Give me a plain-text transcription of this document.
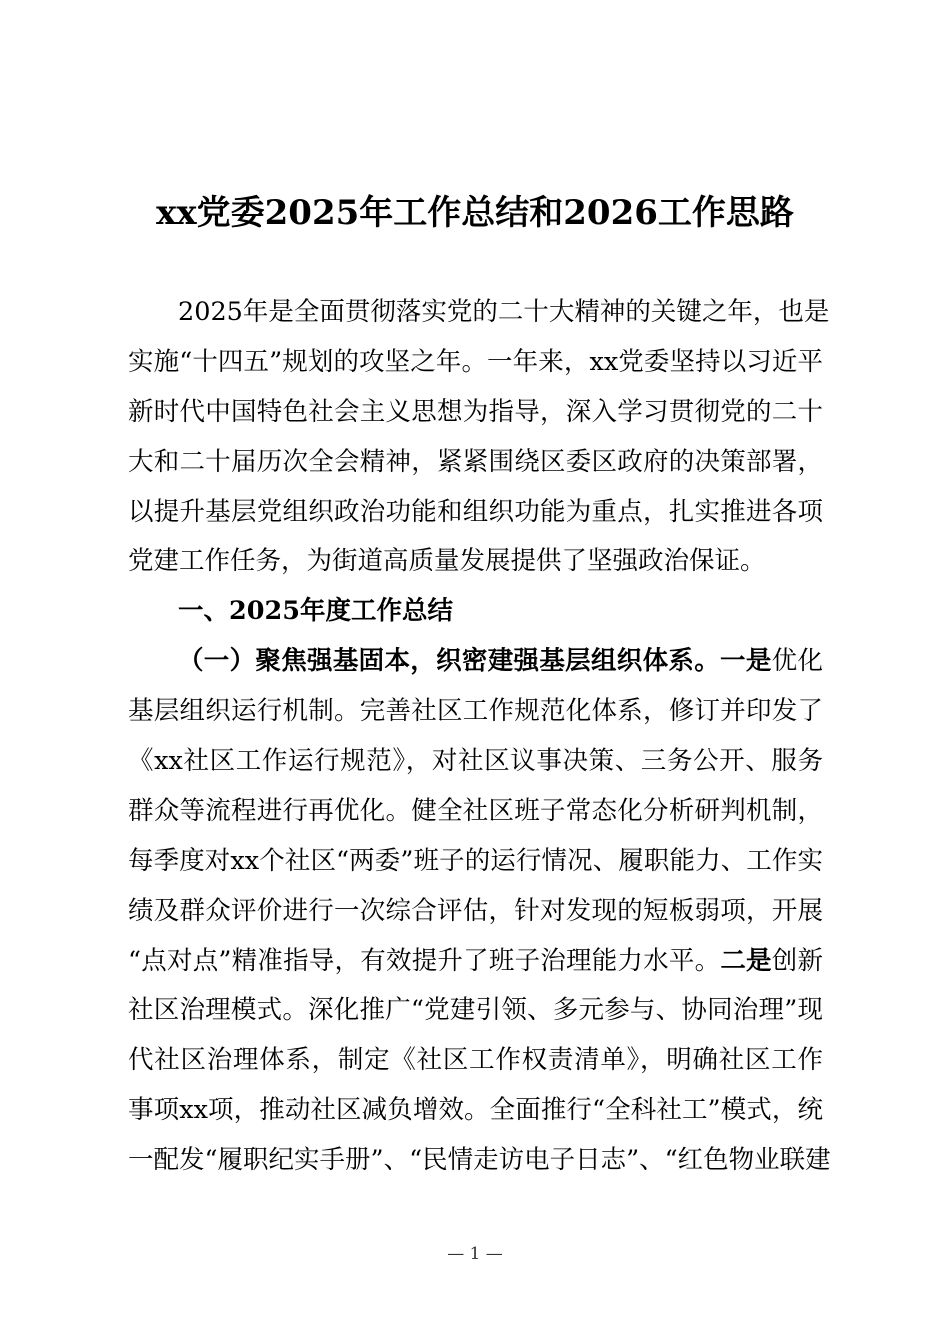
xx党委2025年工作总结和2026工作思路
2025年是全面贯彻落实党的二十大精神的关键之年，也是
实施“十四五”规划的攻坚之年。一年来，xx党委坚持以习近平
新时代中国特色社会主义思想为指导，深入学习贯彻党的二十
大和二十届历次全会精神，紧紧围绕区委区政府的决策部署，
以提升基层党组织政治功能和组织功能为重点，扎实推进各项
党建工作任务，为街道高质量发展提供了坚强政治保证。
一、2025年度工作总结
（一）聚焦强基固本，织密建强基层组织体系。一是优化
基层组织运行机制。完善社区工作规范化体系，修订并印发了
《xx社区工作运行规范》，对社区议事决策、三务公开、服务
群众等流程进行再优化。健全社区班子常态化分析研判机制，
每季度对xx个社区“两委”班子的运行情况、履职能力、工作实
绩及群众评价进行一次综合评估，针对发现的短板弱项，开展
“点对点”精准指导，有效提升了班子治理能力水平。二是创新
社区治理模式。深化推广“党建引领、多元参与、协同治理”现
代社区治理体系，制定《社区工作权责清单》，明确社区工作
事项xx项，推动社区减负增效。全面推行“全科社工”模式，统
一配发“履职纪实手册”、“民情走访电子日志”、“红色物业联建
— 1 —
